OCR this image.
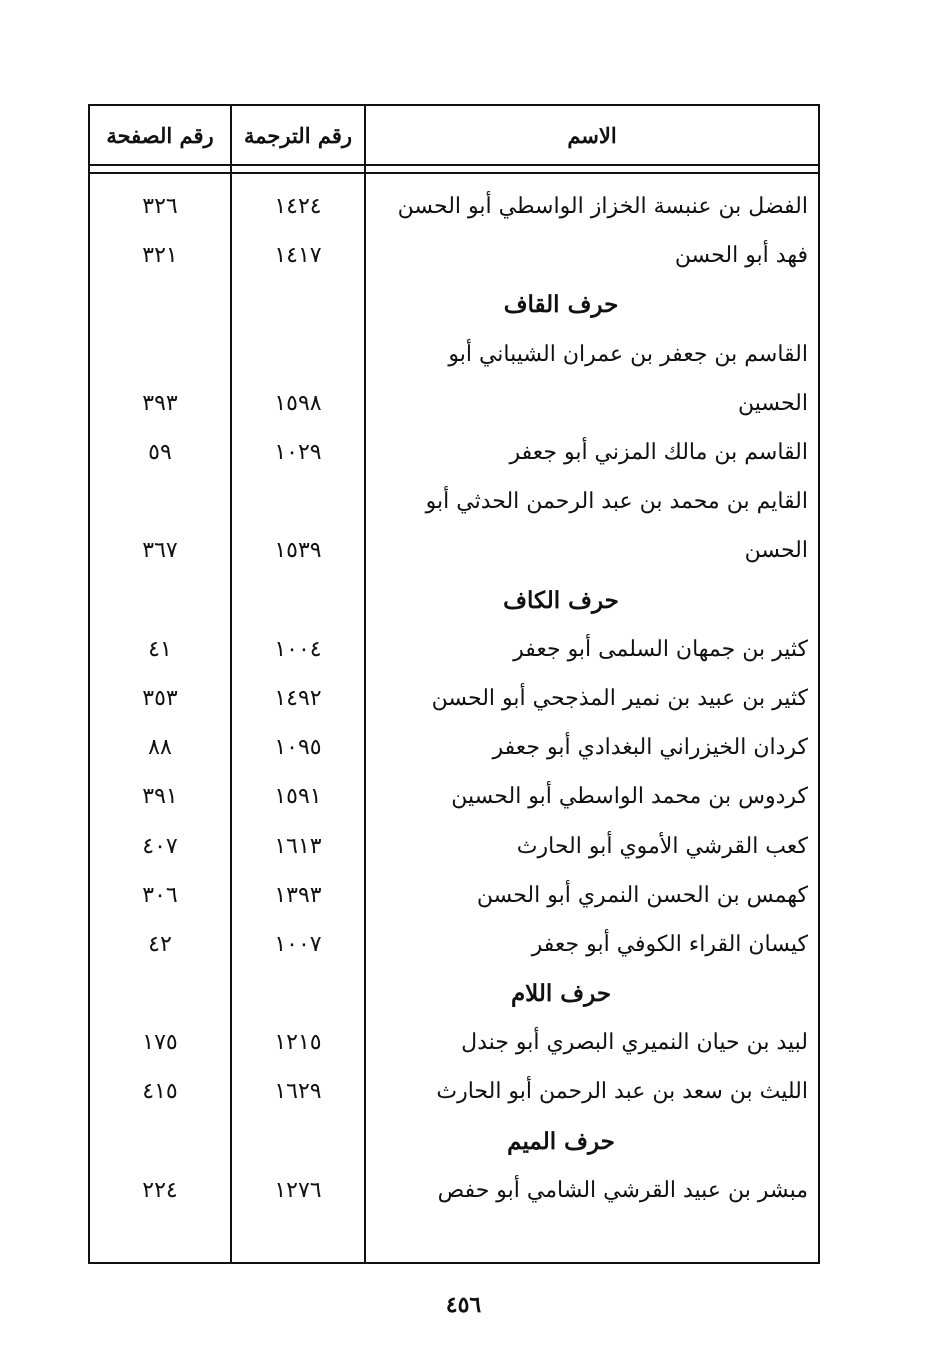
الاسم
رقم الترجمة
رقم الصفحة
الفضل بن عنبسة الخزاز الواسطي أبو الحسن
١٤٢٤
٣٢٦
فهد أبو الحسن
١٤١٧
٣٢١
حرف القاف
القاسم بن جعفر بن عمران الشيباني أبو
الحسين
١٥٩٨
٣٩٣
القاسم بن مالك المزني أبو جعفر
١٠٢٩
٥٩
القايم بن محمد بن عبد الرحمن الحدثي أبو
الحسن
١٥٣٩
٣٦٧
حرف الكاف
كثير بن جمهان السلمى أبو جعفر
١٠٠٤
٤١
كثير بن عبيد بن نمير المذجحي أبو الحسن
١٤٩٢
٣٥٣
كردان الخيزراني البغدادي أبو جعفر
١٠٩٥
٨٨
كردوس بن محمد الواسطي أبو الحسين
١٥٩١
٣٩١
كعب القرشي الأموي أبو الحارث
١٦١٣
٤٠٧
كهمس بن الحسن النمري أبو الحسن
١٣٩٣
٣٠٦
كيسان القراء الكوفي أبو جعفر
١٠٠٧
٤٢
حرف اللام
لبيد بن حيان النميري البصري أبو جندل
١٢١٥
١٧٥
الليث بن سعد بن عبد الرحمن أبو الحارث
١٦٢٩
٤١٥
حرف الميم
مبشر بن عبيد القرشي الشامي أبو حفص
١٢٧٦
٢٢٤
٤٥٦
